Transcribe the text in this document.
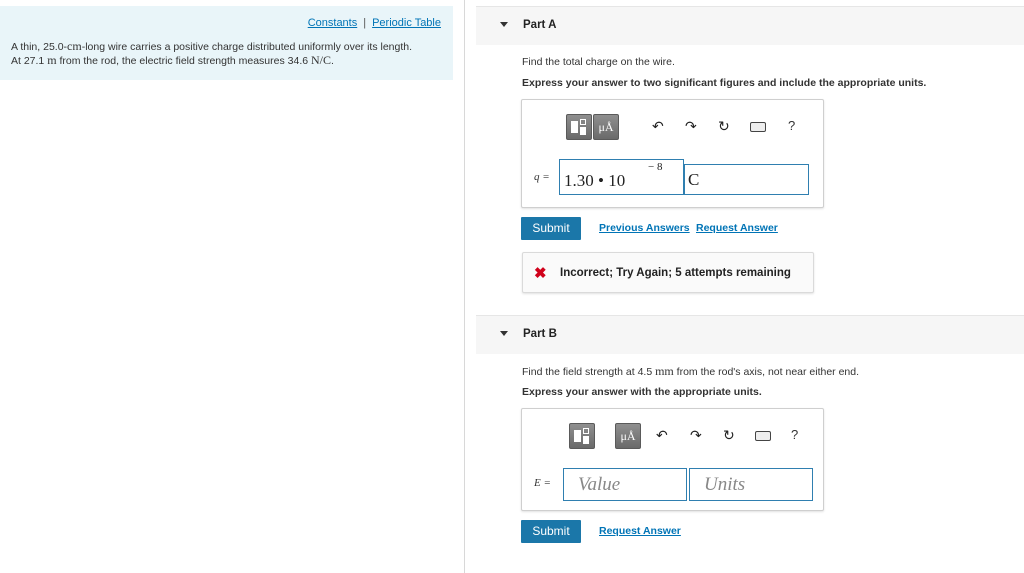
Constants | Periodic Table
A thin, 25.0-cm-long wire carries a positive charge distributed uniformly over its length.
At 27.1 m from the rod, the electric field strength measures 34.6 N/C.
Part A
Find the total charge on the wire.
Express your answer to two significant figures and include the appropriate units.
μÅ	↶ ↷ ↻	?
q = 1.30 • 10
− 8
C
Submit	Previous Answers Request Answer
✖ Incorrect; Try Again; 5 attempts remaining
Part B
Find the field strength at 4.5 mm from the rod's axis, not near either end.
Express your answer with the appropriate units.
μÅ	↶ ↷ ↻	?
E =	Value	Units
Submit	Request Answer
